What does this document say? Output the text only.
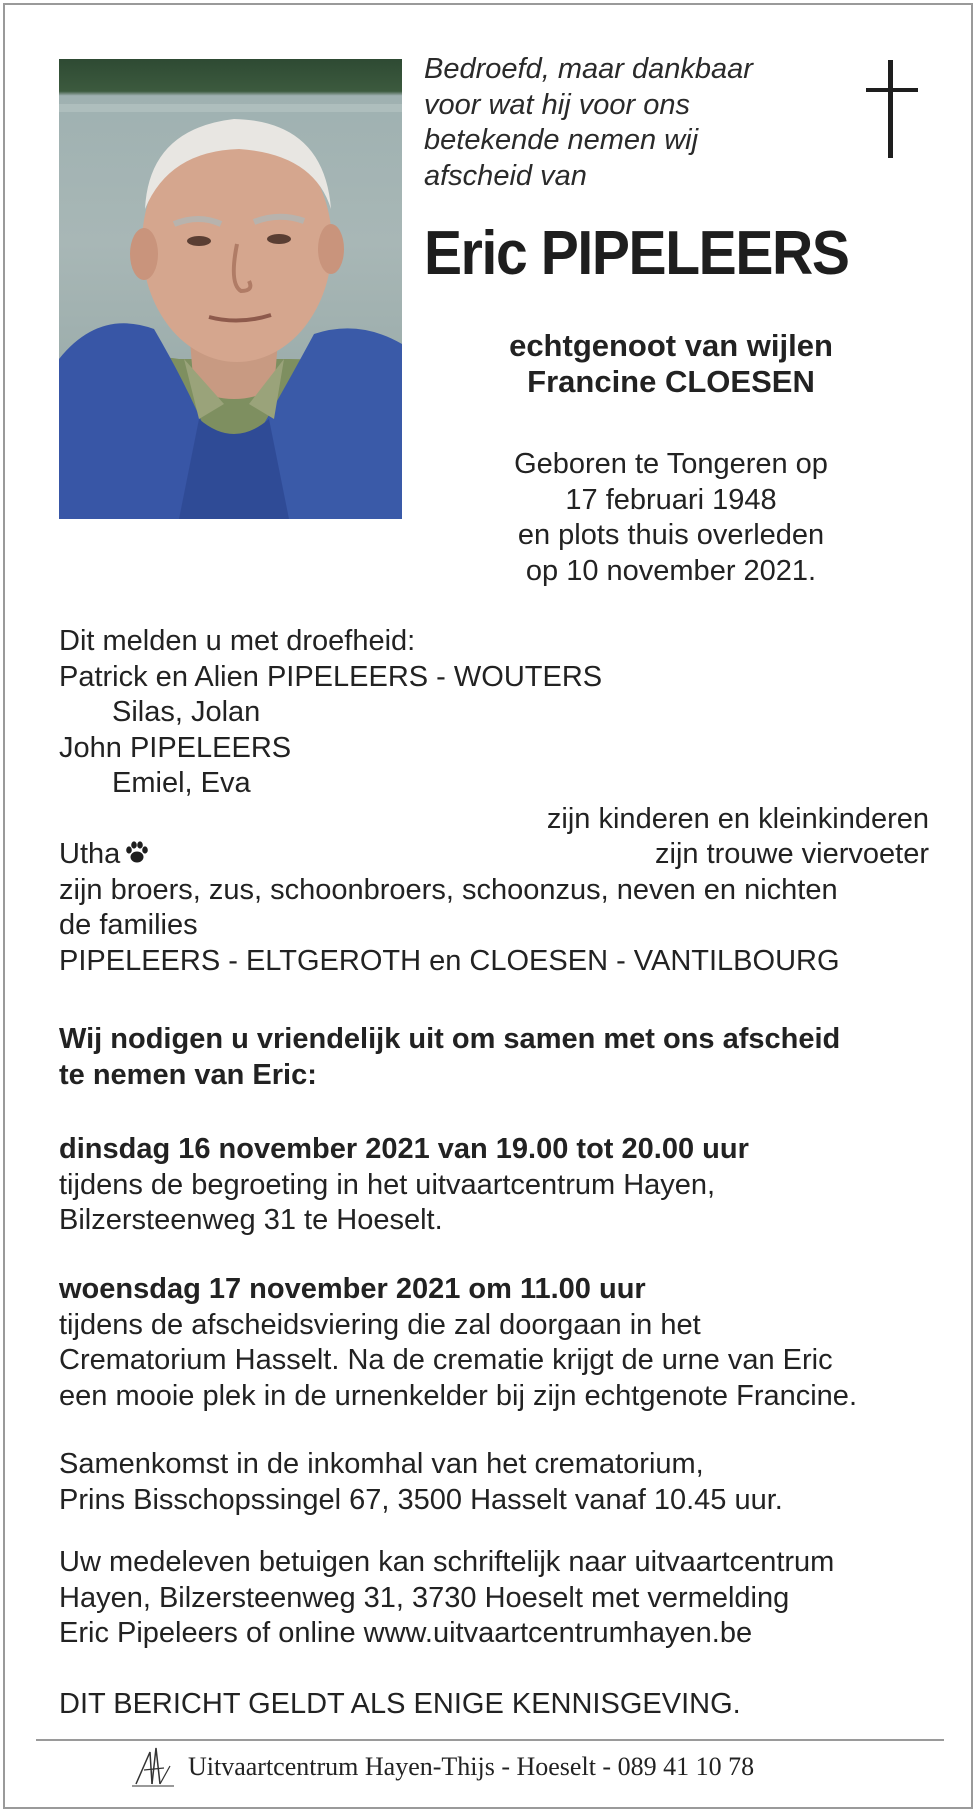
Bedroefd, maar dankbaar
voor wat hij voor ons
betekende nemen wij
afscheid van
Eric PIPELEERS
echtgenoot van wijlen
Francine CLOESEN
Geboren te Tongeren op
17 februari 1948
en plots thuis overleden
op 10 november 2021.
Dit melden u met droefheid:
Patrick en Alien PIPELEERS - WOUTERS
Silas, Jolan
John PIPELEERS
Emiel, Eva
zijn kinderen en kleinkinderen
Utha	zijn trouwe viervoeter
zijn broers, zus, schoonbroers, schoonzus, neven en nichten
de families
PIPELEERS - ELTGEROTH en CLOESEN - VANTILBOURG
Wij nodigen u vriendelijk uit om samen met ons afscheid
te nemen van Eric:
dinsdag 16 november 2021 van 19.00 tot 20.00 uur
tijdens de begroeting in het uitvaartcentrum Hayen,
Bilzersteenweg 31 te Hoeselt.
woensdag 17 november 2021 om 11.00 uur
tijdens de afscheidsviering die zal doorgaan in het
Crematorium Hasselt. Na de crematie krijgt de urne van Eric
een mooie plek in de urnenkelder bij zijn echtgenote Francine.
Samenkomst in de inkomhal van het crematorium,
Prins Bisschopssingel 67, 3500 Hasselt vanaf 10.45 uur.
Uw medeleven betuigen kan schriftelijk naar uitvaartcentrum
Hayen, Bilzersteenweg 31, 3730 Hoeselt met vermelding
Eric Pipeleers of online www.uitvaartcentrumhayen.be
DIT BERICHT GELDT ALS ENIGE KENNISGEVING.
Uitvaartcentrum Hayen-Thijs - Hoeselt - 089 41 10 78
